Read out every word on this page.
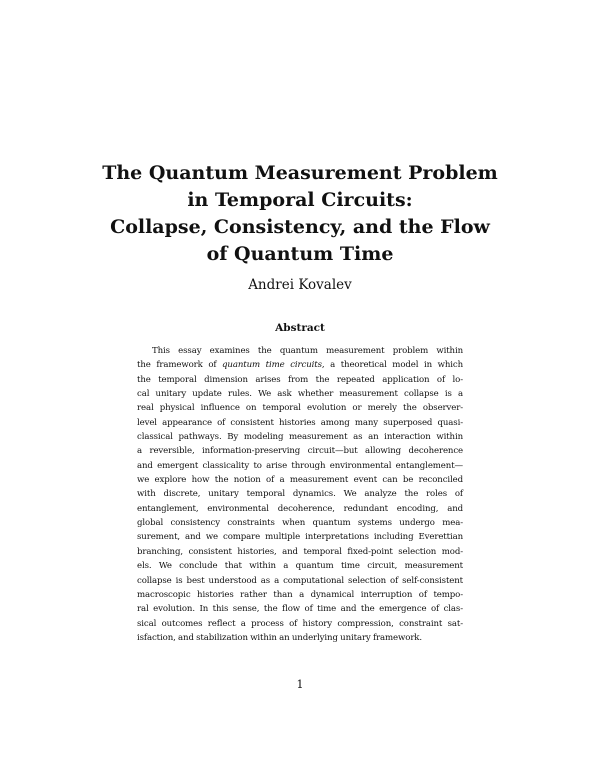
The Quantum Measurement Problem
in Temporal Circuits:
Collapse, Consistency, and the Flow
of Quantum Time
Andrei Kovalev
Abstract
This essay examines the quantum measurement problem within
the framework of quantum time circuits, a theoretical model in which
the temporal dimension arises from the repeated application of lo-
cal unitary update rules. We ask whether measurement collapse is a
real physical influence on temporal evolution or merely the observer-
level appearance of consistent histories among many superposed quasi-
classical pathways. By modeling measurement as an interaction within
a reversible, information-preserving circuit—but allowing decoherence
and emergent classicality to arise through environmental entanglement—
we explore how the notion of a measurement event can be reconciled
with discrete, unitary temporal dynamics. We analyze the roles of
entanglement, environmental decoherence, redundant encoding, and
global consistency constraints when quantum systems undergo mea-
surement, and we compare multiple interpretations including Everettian
branching, consistent histories, and temporal fixed-point selection mod-
els. We conclude that within a quantum time circuit, measurement
collapse is best understood as a computational selection of self-consistent
macroscopic histories rather than a dynamical interruption of tempo-
ral evolution. In this sense, the flow of time and the emergence of clas-
sical outcomes reflect a process of history compression, constraint sat-
isfaction, and stabilization within an underlying unitary framework.
1
